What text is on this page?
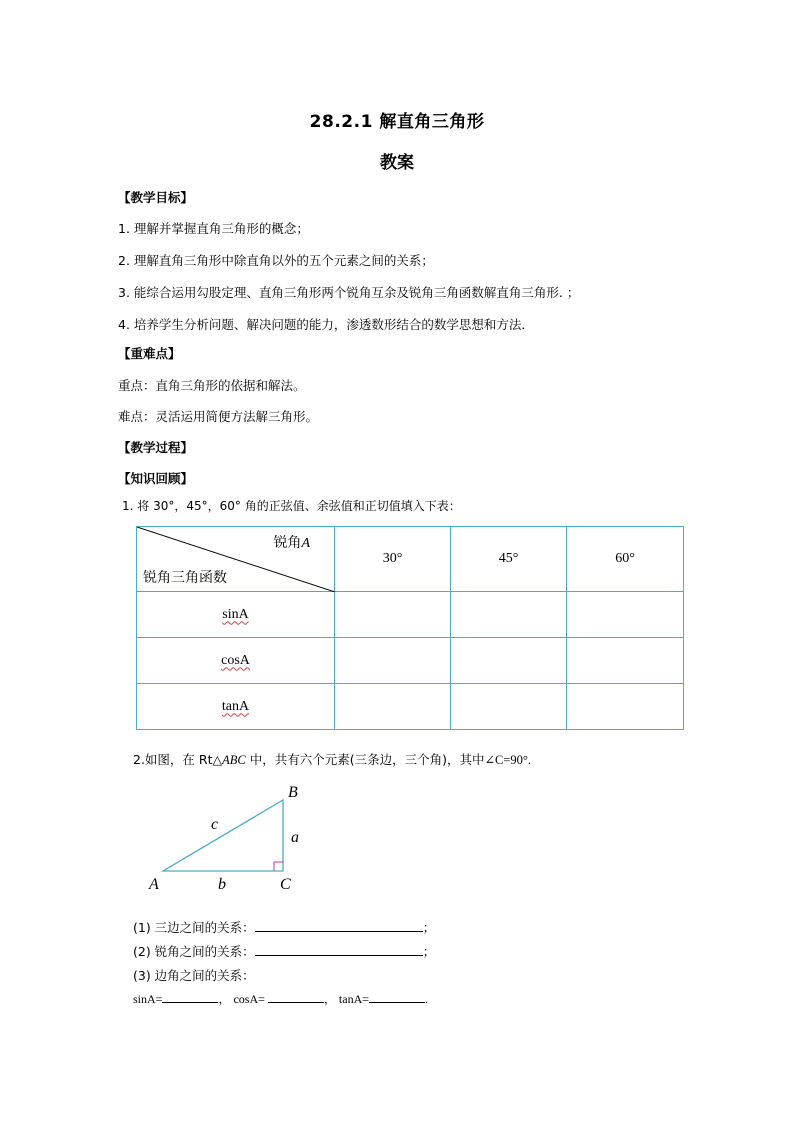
28.2.1 解直角三角形
教案
【教学目标】
1. 理解并掌握直角三角形的概念；
2. 理解直角三角形中除直角以外的五个元素之间的关系；
3. 能综合运用勾股定理、直角三角形两个锐角互余及锐角三角函数解直角三角形. ；
4. 培养学生分析问题、解决问题的能力，渗透数形结合的数学思想和方法．
【重难点】
重点：直角三角形的依据和解法。
难点：灵活运用简便方法解三角形。
【教学过程】
【知识回顾】
1. 将 30°，45°，60° 角的正弦值、余弦值和正切值填入下表：
锐角A
锐角三角函数	30°	45°	60°
sinA			
cosA			
tanA			
2.如图，在 Rt△ABC 中，共有六个元素(三条边，三个角)，其中∠C=90°.
B
c
a
A	b	C
(1) 三边之间的关系：	；
(2) 锐角之间的关系：	；
(3) 边角之间的关系：
sinA=	， cosA=	， tanA=	.
